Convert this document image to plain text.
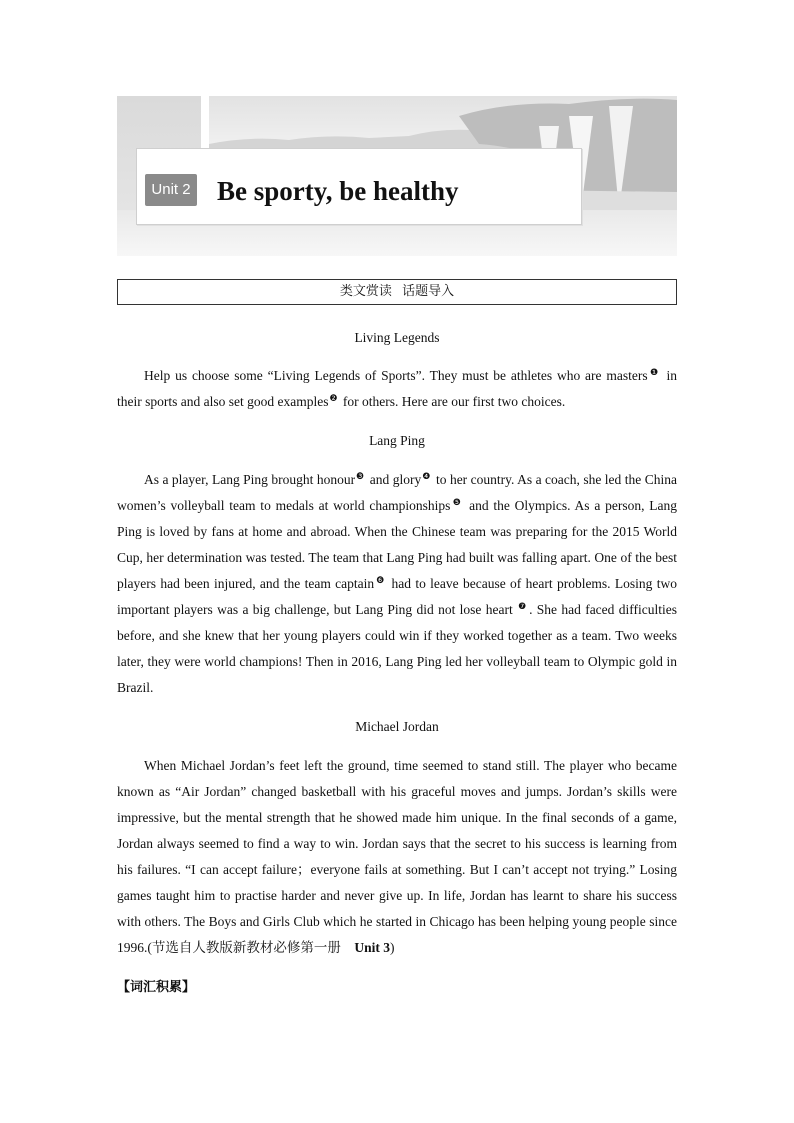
Unit 2 Be sporty, be healthy
类文赏读 话题导入

Living Legends

Help us choose some “Living Legends of Sports”. They must be athletes who are masters$^❶$ in their sports and also set good examples$^❷$ for others. Here are our first two choices.

Lang Ping

As a player, Lang Ping brought honour$^❸$ and glory$^❹$ to her country. As a coach, she led the China women’s volleyball team to medals at world championships$^❺$ and the Olympics. As a person, Lang Ping is loved by fans at home and abroad. When the Chinese team was preparing for the 2015 World Cup, her determination was tested. The team that Lang Ping had built was falling apart. One of the best players had been injured, and the team captain$^❻$ had to leave because of heart problems. Losing two important players was a big challenge, but Lang Ping did not lose heart $^❼$ . She had faced difficulties before, and she knew that her young players could win if they worked together as a team. Two weeks later, they were world champions! Then in 2016, Lang Ping led her volleyball team to Olympic gold in Brazil.

Michael Jordan

When Michael Jordan’s feet left the ground, time seemed to stand still. The player who became known as “Air Jordan” changed basketball with his graceful moves and jumps. Jordan’s skills were impressive, but the mental strength that he showed made him unique. In the final seconds of a game, Jordan always seemed to find a way to win. Jordan says that the secret to his success is learning from his failures. “I can accept failure；everyone fails at something. But I can’t accept not trying.” Losing games taught him to practise harder and never give up. In life, Jordan has learnt to share his success with others. The Boys and Girls Club which he started in Chicago has been helping young people since 1996.(节选自人教版新教材必修第一册　Unit 3)

【词汇积累】
